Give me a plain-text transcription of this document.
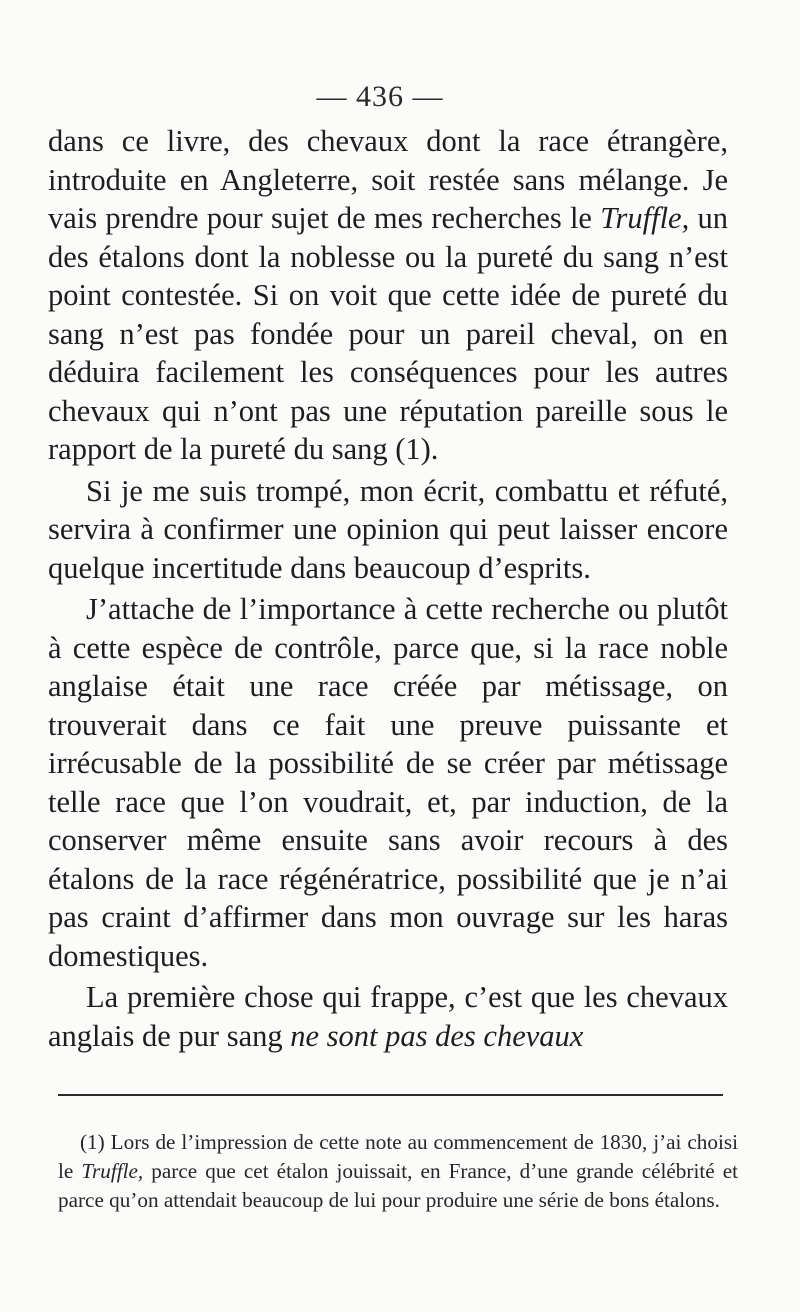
— 436 —

dans ce livre, des chevaux dont la race étrangère, introduite en Angleterre, soit restée sans mélange. Je vais prendre pour sujet de mes recherches le Truffle, un des étalons dont la noblesse ou la pureté du sang n’est point contestée. Si on voit que cette idée de pureté du sang n’est pas fondée pour un pareil cheval, on en déduira facilement les conséquences pour les autres chevaux qui n’ont pas une réputation pareille sous le rapport de la pureté du sang (1).

Si je me suis trompé, mon écrit, combattu et réfuté, servira à confirmer une opinion qui peut laisser encore quelque incertitude dans beaucoup d’esprits.

J’attache de l’importance à cette recherche ou plutôt à cette espèce de contrôle, parce que, si la race noble anglaise était une race créée par métissage, on trouverait dans ce fait une preuve puissante et irrécusable de la possibilité de se créer par métissage telle race que l’on voudrait, et, par induction, de la conserver même ensuite sans avoir recours à des étalons de la race régénératrice, possibilité que je n’ai pas craint d’affirmer dans mon ouvrage sur les haras domestiques.

La première chose qui frappe, c’est que les chevaux anglais de pur sang ne sont pas des chevaux

(1) Lors de l’impression de cette note au commencement de 1830, j’ai choisi le Truffle, parce que cet étalon jouissait, en France, d’une grande célébrité et parce qu’on attendait beaucoup de lui pour produire une série de bons étalons.
